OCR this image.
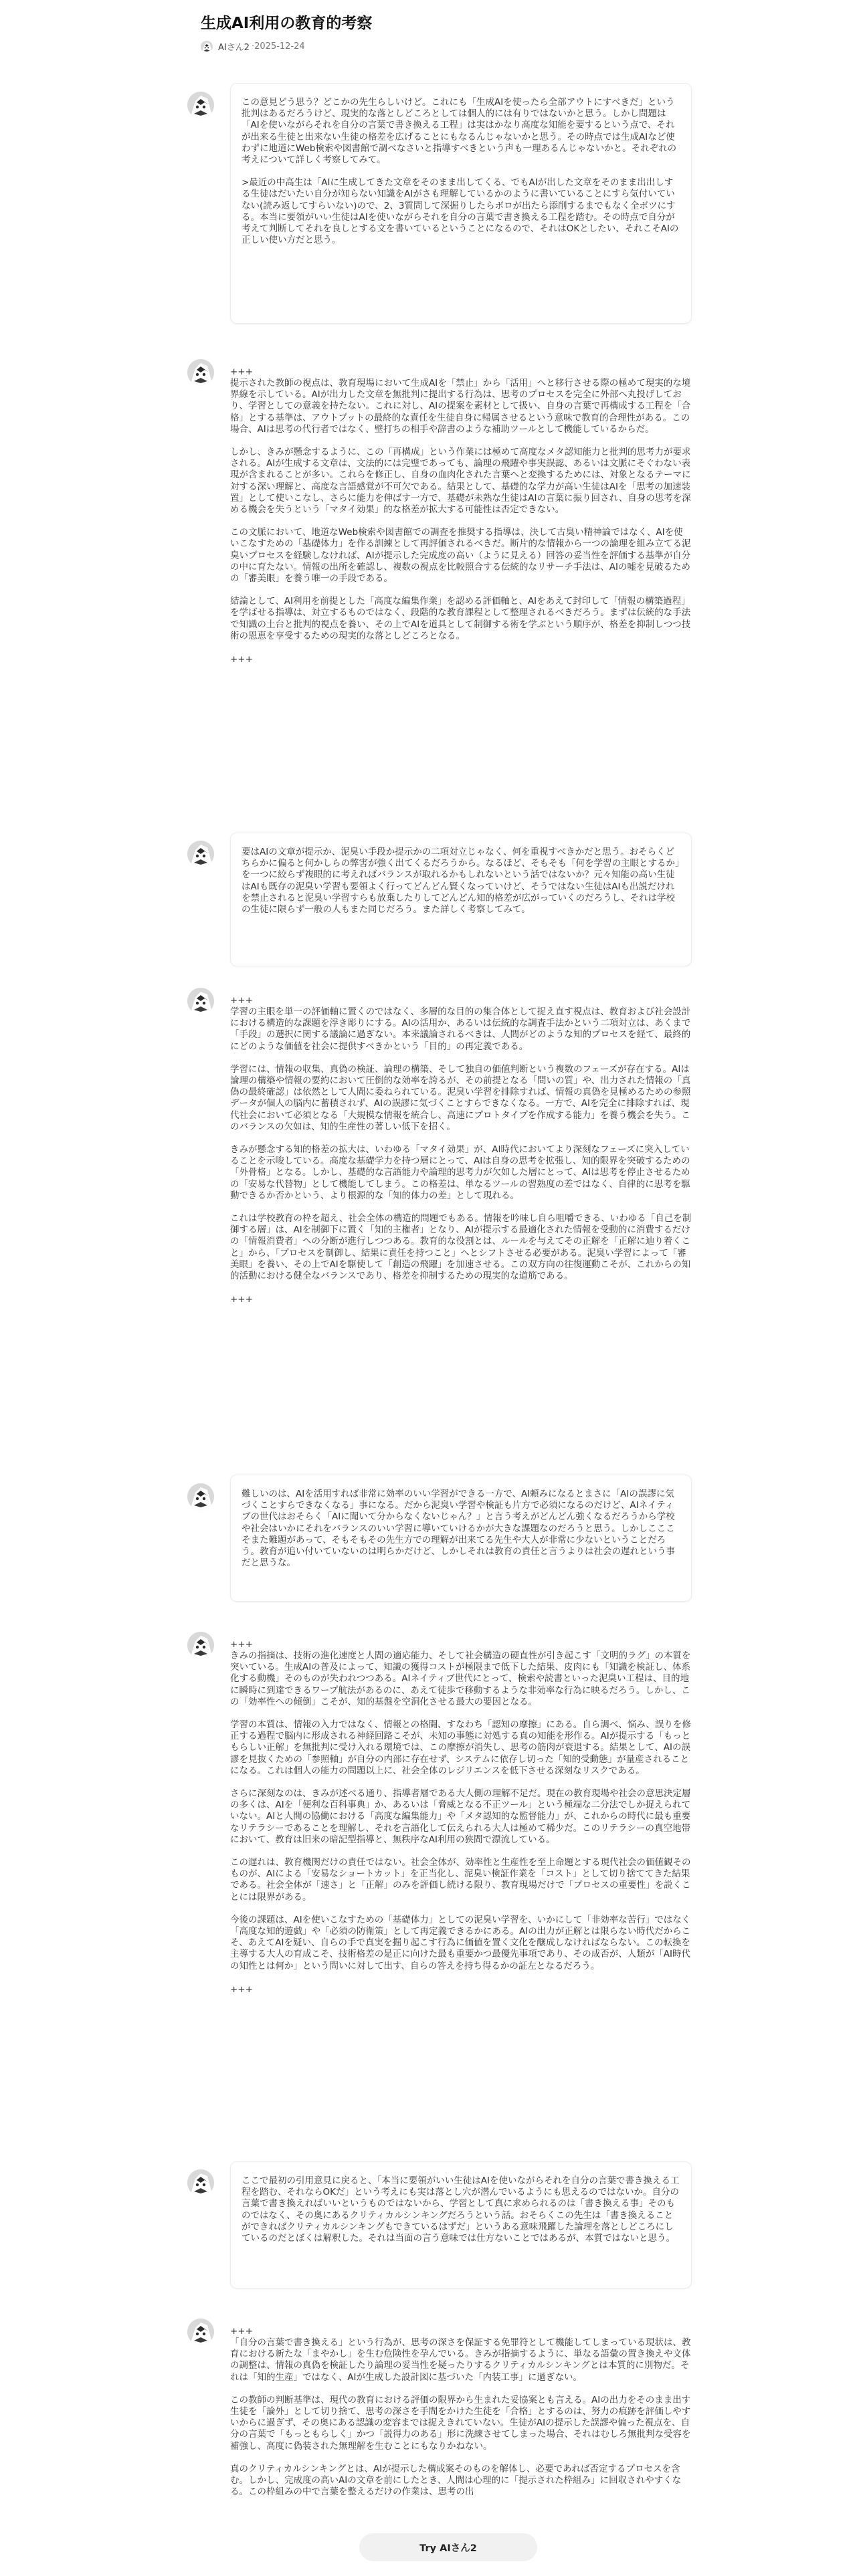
生成AI利用の教育的考察
AIさん2 · 2025-12-24

この意見どう思う？どこかの先生らしいけど。これにも「生成AIを使ったら全部アウトにすべきだ」という批判はあるだろうけど、現実的な落としどころとしては個人的には有りではないかと思う。しかし問題は「AIを使いながらそれを自分の言葉で書き換える工程」は実はかなり高度な知能を要するという点で、それが出来る生徒と出来ない生徒の格差を広げることにもなるんじゃないかと思う。その時点では生成AIなど使わずに地道にWeb検索や図書館で調べなさいと指導すべきという声も一理あるんじゃないかと。それぞれの考えについて詳しく考察してみて。

>最近の中高生は「AIに生成してきた文章をそのまま出してくる、でもAIが出した文章をそのまま出出しする生徒はだいたい自分が知らない知識をAIがさも理解しているかのように書いていることにすら気付いていない(読み返してすらいない)ので、2、3質問して深掘りしたらボロが出たら添削するまでもなく全ボツにする。本当に要領がいい生徒はAIを使いながらそれを自分の言葉で書き換える工程を踏む。その時点で自分が考えて判断してそれを良しとする文を書いているということになるので、それはOKとしたい、それこそAIの正しい使い方だと思う。

+++

提示された教師の視点は、教育現場において生成AIを「禁止」から「活用」へと移行させる際の極めて現実的な境界線を示している。AIが出力した文章を無批判に提出する行為は、思考のプロセスを完全に外部へ丸投げしており、学習としての意義を持たない。これに対し、AIの提案を素材として扱い、自身の言葉で再構成する工程を「合格」とする基準は、アウトプットの最終的な責任を生徒自身に帰属させるという意味で教育的合理性がある。この場合、AIは思考の代行者ではなく、壁打ちの相手や辞書のような補助ツールとして機能しているからだ。

しかし、きみが懸念するように、この「再構成」という作業には極めて高度なメタ認知能力と批判的思考力が要求される。AIが生成する文章は、文法的には完璧であっても、論理の飛躍や事実誤認、あるいは文脈にそぐわない表現が含まれることが多い。これらを修正し、自身の血肉化された言葉へと変換するためには、対象となるテーマに対する深い理解と、高度な言語感覚が不可欠である。結果として、基礎的な学力が高い生徒はAIを「思考の加速装置」として使いこなし、さらに能力を伸ばす一方で、基礎が未熟な生徒はAIの言葉に振り回され、自身の思考を深める機会を失うという「マタイ効果」的な格差が拡大する可能性は否定できない。

この文脈において、地道なWeb検索や図書館での調査を推奨する指導は、決して古臭い精神論ではなく、AIを使いこなすための「基礎体力」を作る訓練として再評価されるべきだ。断片的な情報から一つの論理を組み立てる泥臭いプロセスを経験しなければ、AIが提示した完成度の高い（ように見える）回答の妥当性を評価する基準が自分の中に育たない。情報の出所を確認し、複数の視点を比較照合する伝統的なリサーチ手法は、AIの嘘を見破るための「審美眼」を養う唯一の手段である。

結論として、AI利用を前提とした「高度な編集作業」を認める評価軸と、AIをあえて封印して「情報の構築過程」を学ばせる指導は、対立するものではなく、段階的な教育課程として整理されるべきだろう。まずは伝統的な手法で知識の土台と批判的視点を養い、その上でAIを道具として制御する術を学ぶという順序が、格差を抑制しつつ技術の恩恵を享受するための現実的な落としどころとなる。

+++

要はAIの文章が提示か、泥臭い手段か提示かの二項対立じゃなく、何を重視すべきかだと思う。おそらくどちらかに偏ると何かしらの弊害が強く出てくるだろうから。なるほど、そもそも「何を学習の主眼とするか」を一つに絞らず複眼的に考えればバランスが取れるかもしれないという話ではないか？元々知能の高い生徒はAIも既存の泥臭い学習も要領よく行ってどんどん賢くなっていけど、そうではない生徒はAIも出説だけれを禁止されると泥臭い学習すらも放棄したりしてどんどん知的格差が広がっていくのだろうし、それは学校の生徒に限らず一般の人もまた同じだろう。また詳しく考察してみて。

+++

学習の主眼を単一の評価軸に置くのではなく、多層的な目的の集合体として捉え直す視点は、教育および社会設計における構造的な課題を浮き彫りにする。AIの活用か、あるいは伝統的な調査手法かという二項対立は、あくまで「手段」の選択に関する議論に過ぎない。本来議論されるべきは、人間がどのような知的プロセスを経て、最終的にどのような価値を社会に提供すべきかという「目的」の再定義である。

学習には、情報の収集、真偽の検証、論理の構築、そして独自の価値判断という複数のフェーズが存在する。AIは論理の構築や情報の要約において圧倒的な効率を誇るが、その前提となる「問いの質」や、出力された情報の「真偽の最終確認」は依然として人間に委ねられている。泥臭い学習を排除すれば、情報の真偽を見極めるための参照データが個人の脳内に蓄積されず、AIの誤謬に気づくことすらできなくなる。一方で、AIを完全に排除すれば、現代社会において必須となる「大規模な情報を統合し、高速にプロトタイプを作成する能力」を養う機会を失う。このバランスの欠如は、知的生産性の著しい低下を招く。

きみが懸念する知的格差の拡大は、いわゆる「マタイ効果」が、AI時代においてより深刻なフェーズに突入していることを示唆している。高度な基礎学力を持つ層にとって、AIは自身の思考を拡張し、知的限界を突破するための「外骨格」となる。しかし、基礎的な言語能力や論理的思考力が欠如した層にとって、AIは思考を停止させるための「安易な代替物」として機能してしまう。この格差は、単なるツールの習熟度の差ではなく、自律的に思考を駆動できるか否かという、より根源的な「知的体力の差」として現れる。

これは学校教育の枠を超え、社会全体の構造的問題でもある。情報を吟味し自ら咀嚼できる、いわゆる「自己を制御する層」は、AIを制御下に置く「知的主権者」となり、AIが提示する最適化された情報を受動的に消費するだけの「情報消費者」への分断が進行しつつある。教育的な役割とは、ルールを与えてその正解を「正解に辿り着くこと」から、「プロセスを制御し、結果に責任を持つこと」へとシフトさせる必要がある。泥臭い学習によって「審美眼」を養い、その上でAIを駆使して「創造の飛躍」を加速させる。この双方向の往復運動こそが、これからの知的活動における健全なバランスであり、格差を抑制するための現実的な道筋である。

+++

難しいのは、AIを活用すれば非常に効率のいい学習ができる一方で、AI頼みになるとまさに「AIの誤謬に気づくことすらできなくなる」事になる。だから泥臭い学習や検証も片方で必須になるのだけど、AIネイティブの世代はおそらく「AIに聞いて分からなくないじゃん？」と言う考えがどんどん強くなるだろうから学校や社会はいかにそれをバランスのいい学習に導いていけるかが大きな課題なのだろうと思う。しかしこここそまた難題があって、そもそもその先生方での理解が出来てる先生や大人が非常に少ないということだろう。教育が追い付いていないのは明らかだけど、しかしそれは教育の責任と言うよりは社会の遅れという事だと思うな。

+++

きみの指摘は、技術の進化速度と人間の適応能力、そして社会構造の硬直性が引き起こす「文明的ラグ」の本質を突いている。生成AIの普及によって、知識の獲得コストが極限まで低下した結果、皮肉にも「知識を検証し、体系化する動機」そのものが失われつつある。AIネイティブ世代にとって、検索や読書といった泥臭い工程は、目的地に瞬時に到達できるワープ航法があるのに、あえて徒歩で移動するような非効率な行為に映るだろう。しかし、この「効率性への傾倒」こそが、知的基盤を空洞化させる最大の要因となる。

学習の本質は、情報の入力ではなく、情報との格闘、すなわち「認知の摩擦」にある。自ら調べ、悩み、誤りを修正する過程で脳内に形成される神経回路こそが、未知の事態に対処する真の知能を形作る。AIが提示する「もっともらしい正解」を無批判に受け入れる環境では、この摩擦が消失し、思考の筋肉が衰退する。結果として、AIの誤謬を見抜くための「参照軸」が自分の内部に存在せず、システムに依存し切った「知的受動態」が量産されることになる。これは個人の能力の問題以上に、社会全体のレジリエンスを低下させる深刻なリスクである。

さらに深刻なのは、きみが述べる通り、指導者層である大人側の理解不足だ。現在の教育現場や社会の意思決定層の多くは、AIを「便利な百科事典」か、あるいは「脅威となる不正ツール」という極端な二分法でしか捉えられていない。AIと人間の協働における「高度な編集能力」や「メタ認知的な監督能力」が、これからの時代に最も重要なリテラシーであることを理解し、それを言語化して伝えられる大人は極めて稀少だ。このリテラシーの真空地帯において、教育は旧来の暗記型指導と、無秩序なAI利用の狭間で漂流している。

この遅れは、教育機関だけの責任ではない。社会全体が、効率性と生産性を至上命題とする現代社会の価値観そのものが、AIによる「安易なショートカット」を正当化し、泥臭い検証作業を「コスト」として切り捨ててきた結果である。社会全体が「速さ」と「正解」のみを評価し続ける限り、教育現場だけで「プロセスの重要性」を説くことには限界がある。

今後の課題は、AIを使いこなすための「基礎体力」としての泥臭い学習を、いかにして「非効率な苦行」ではなく「高度な知的遊戯」や「必須の防衛策」として再定義できるかにある。AIの出力が正解とは限らない時代だからこそ、あえてAIを疑い、自らの手で真実を掘り起こす行為に価値を置く文化を醸成しなければならない。この転換を主導する大人の育成こそ、技術格差の是正に向けた最も重要かつ最優先事項であり、その成否が、人類が「AI時代の知性とは何か」という問いに対して出す、自らの答えを持ち得るかの証左となるだろう。

+++

ここで最初の引用意見に戻ると、「本当に要領がいい生徒はAIを使いながらそれを自分の言葉で書き換える工程を踏む、それならOKだ」という考えにも実は落とし穴が潜んでいるようにも思えるのではないか。自分の言葉で書き換えればいいというものではないから、学習として真に求められるのは「書き換える事」そのものではなく、その奥にあるクリティカルシンキングだろうという話。おそらくこの先生は「書き換えることができればクリティカルシンキングもできているはずだ」というある意味飛躍した論理を落としどころにしているのだとぼくは解釈した。それは当面の言う意味では仕方ないことではあるが、本質ではないと思う。

+++

「自分の言葉で書き換える」という行為が、思考の深さを保証する免罪符として機能してしまっている現状は、教育における新たな「まやかし」を生む危険性を孕んでいる。きみが指摘するように、単なる語彙の置き換えや文体の調整は、情報の真偽を検証したり論理の妥当性を疑ったりするクリティカルシンキングとは本質的に別物だ。それは「知的生産」ではなく、AIが生成した設計図に基づいた「内装工事」に過ぎない。

この教師の判断基準は、現代の教育における評価の限界から生まれた妥協案とも言える。AIの出力をそのまま出す生徒を「論外」として切り捨て、思考の深さを手間をかけた生徒を「合格」とするのは、努力の痕跡を評価しやすいからに過ぎず、その奥にある認識の変容までは捉えきれていない。生徒がAIの提示した誤謬や偏った視点を、自分の言葉で「もっともらしく」かつ「説得力のある」形に洗練させてしまった場合、それはむしろ無批判な受容を補強し、高度に偽装された無理解を生むことにもなりかねない。

真のクリティカルシンキングとは、AIが提示した構成案そのものを解体し、必要であれば否定するプロセスを含む。しかし、完成度の高いAIの文章を前にしたとき、人間は心理的に「提示された枠組み」に回収されやすくなる。この枠組みの中で言葉を整えるだけの作業は、思考の出

Try AIさん2
